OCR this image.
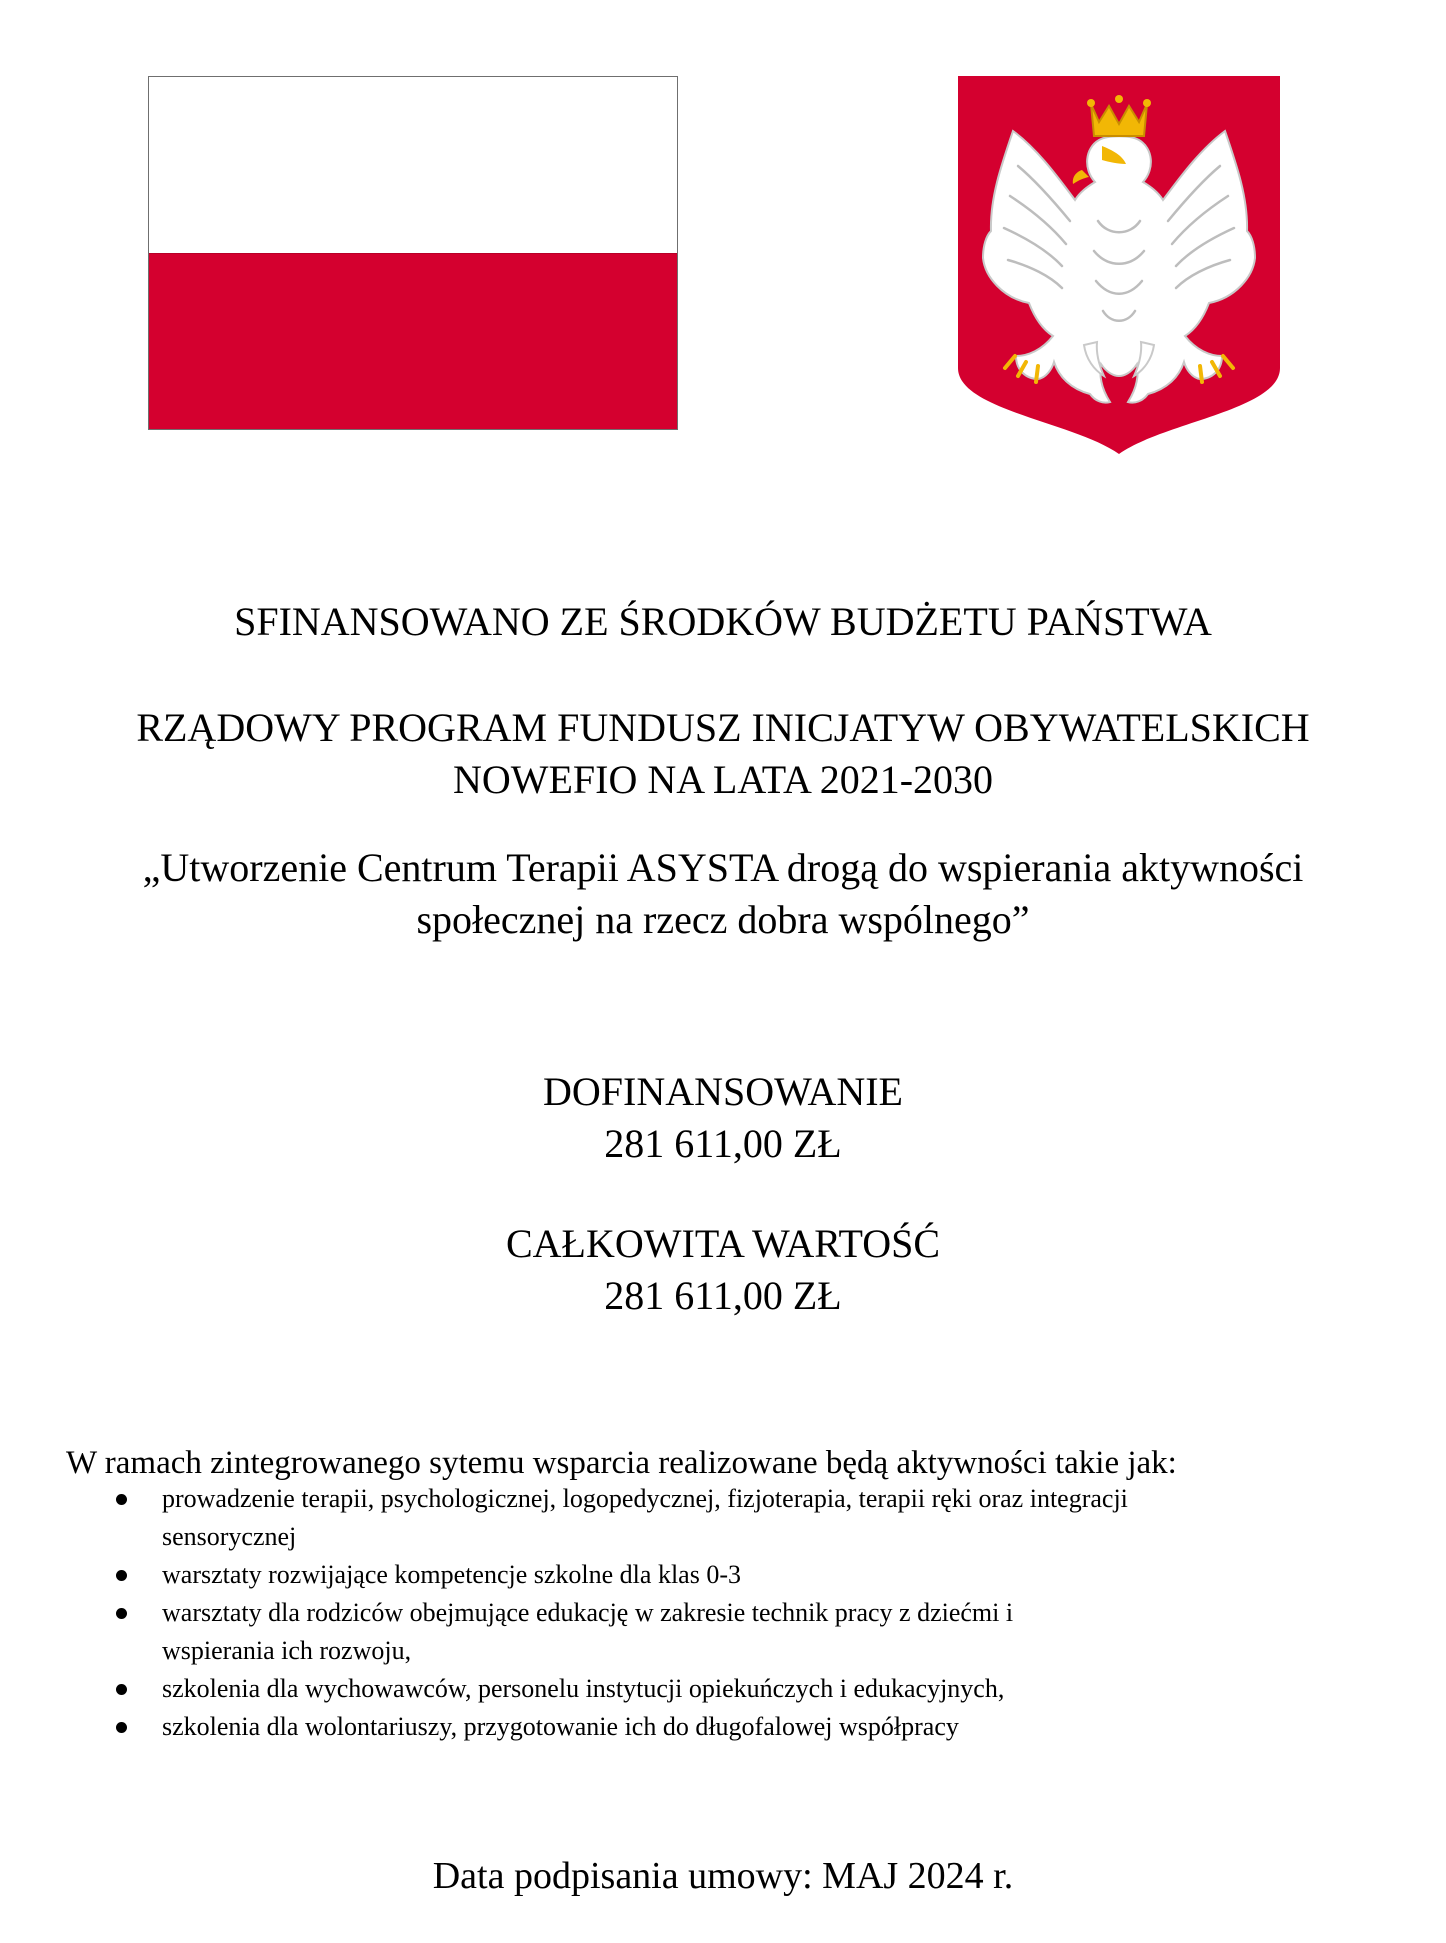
SFINANSOWANO ZE ŚRODKÓW BUDŻETU PAŃSTWA
RZĄDOWY PROGRAM FUNDUSZ INICJATYW OBYWATELSKICH
NOWEFIO NA LATA 2021-2030
„Utworzenie Centrum Terapii ASYSTA drogą do wspierania aktywności
społecznej na rzecz dobra wspólnego”
DOFINANSOWANIE
281 611,00 ZŁ
CAŁKOWITA WARTOŚĆ
281 611,00 ZŁ
W ramach zintegrowanego sytemu wsparcia realizowane będą aktywności takie jak:
prowadzenie terapii, psychologicznej, logopedycznej, fizjoterapia, terapii ręki oraz integracji
sensorycznej
warsztaty rozwijające kompetencje szkolne dla klas 0-3
warsztaty dla rodziców obejmujące edukację w zakresie technik pracy z dziećmi i
wspierania ich rozwoju,
szkolenia dla wychowawców, personelu instytucji opiekuńczych i edukacyjnych,
szkolenia dla wolontariuszy, przygotowanie ich do długofalowej współpracy
Data podpisania umowy: MAJ 2024 r.
